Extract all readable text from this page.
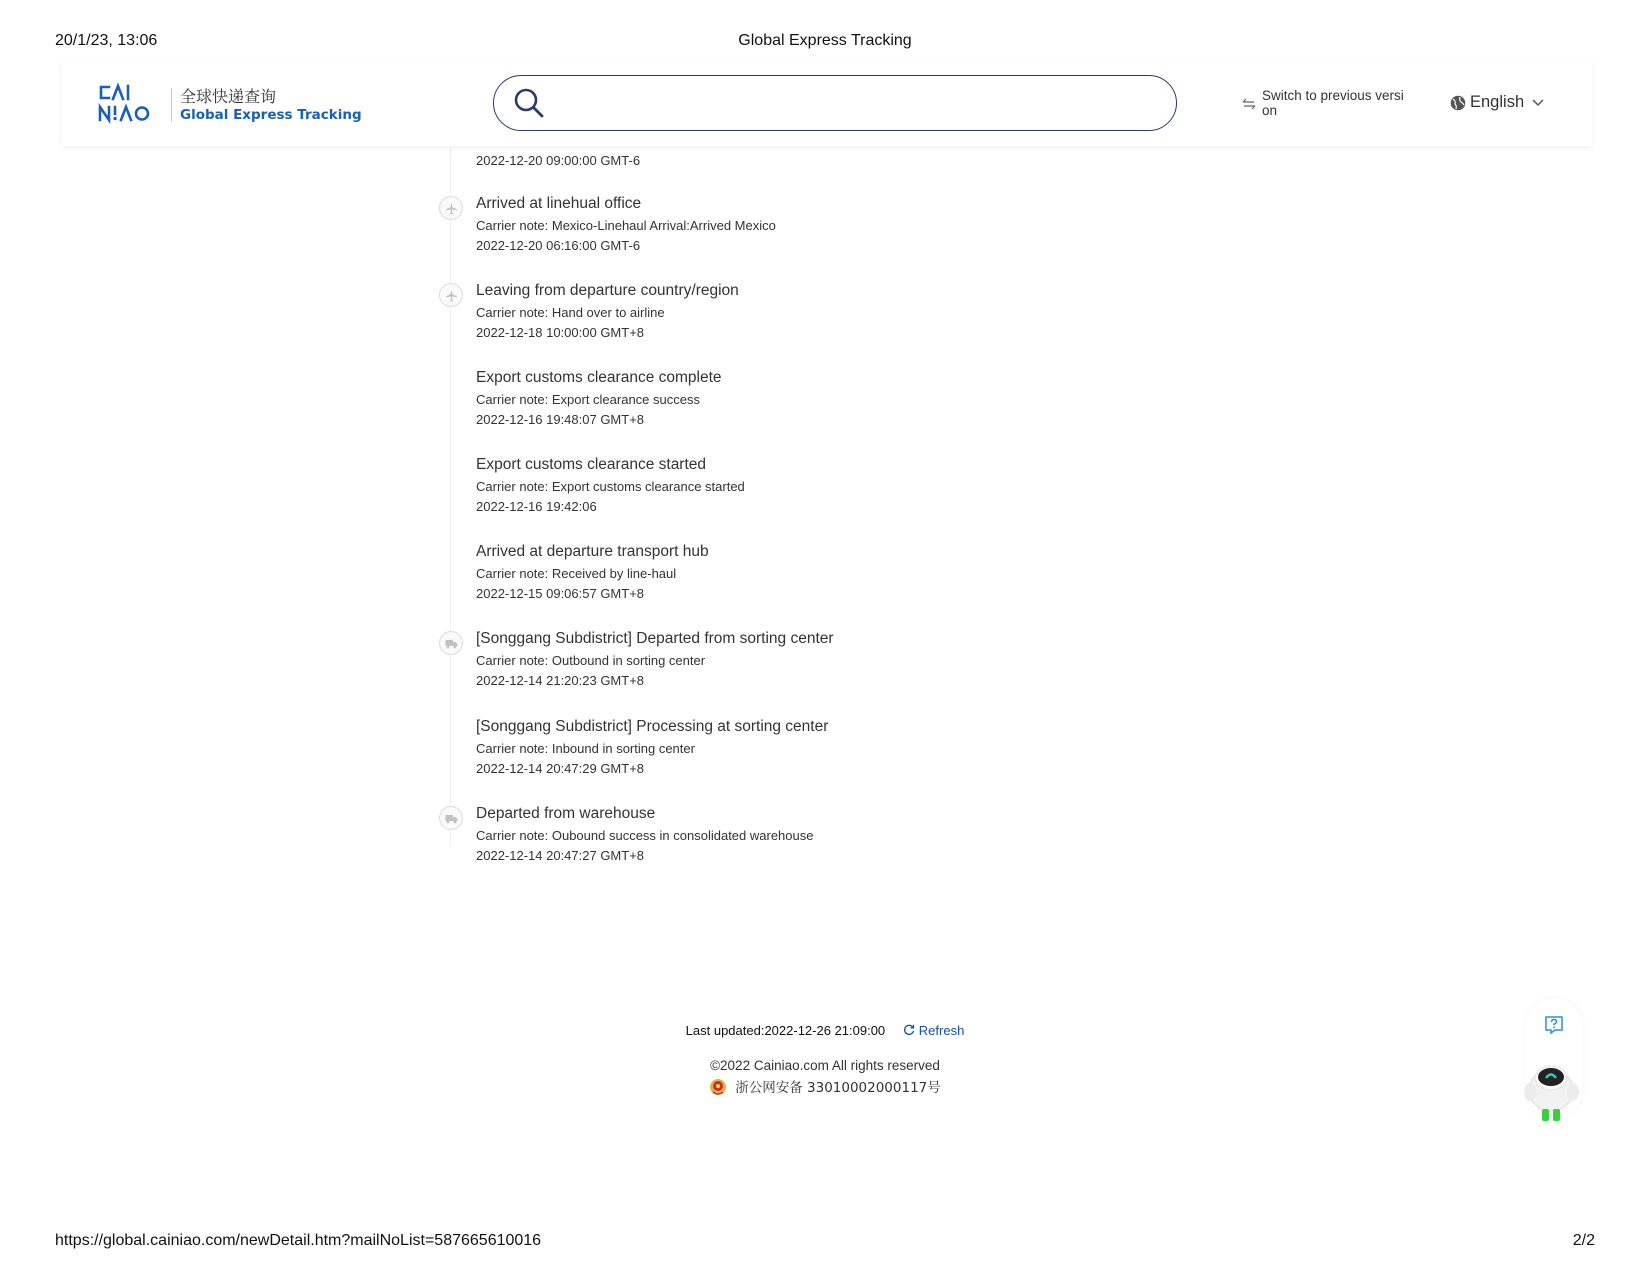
20/1/23, 13:06	Global Express Tracking
全球快递查询
Global Express Tracking
Switch to previous versi on	English
2022-12-20 09:00:00 GMT-6
Arrived at linehual office
Carrier note: Mexico-Linehaul Arrival:Arrived Mexico
2022-12-20 06:16:00 GMT-6
Leaving from departure country/region
Carrier note: Hand over to airline
2022-12-18 10:00:00 GMT+8
Export customs clearance complete
Carrier note: Export clearance success
2022-12-16 19:48:07 GMT+8
Export customs clearance started
Carrier note: Export customs clearance started
2022-12-16 19:42:06
Arrived at departure transport hub
Carrier note: Received by line-haul
2022-12-15 09:06:57 GMT+8
[Songgang Subdistrict] Departed from sorting center
Carrier note: Outbound in sorting center
2022-12-14 21:20:23 GMT+8
[Songgang Subdistrict] Processing at sorting center
Carrier note: Inbound in sorting center
2022-12-14 20:47:29 GMT+8
Departed from warehouse
Carrier note: Oubound success in consolidated warehouse
2022-12-14 20:47:27 GMT+8
Last updated:2022-12-26 21:09:00	Refresh
©2022 Cainiao.com All rights reserved
浙公网安备 33010002000117号
https://global.cainiao.com/newDetail.htm?mailNoList=587665610016	2/2
